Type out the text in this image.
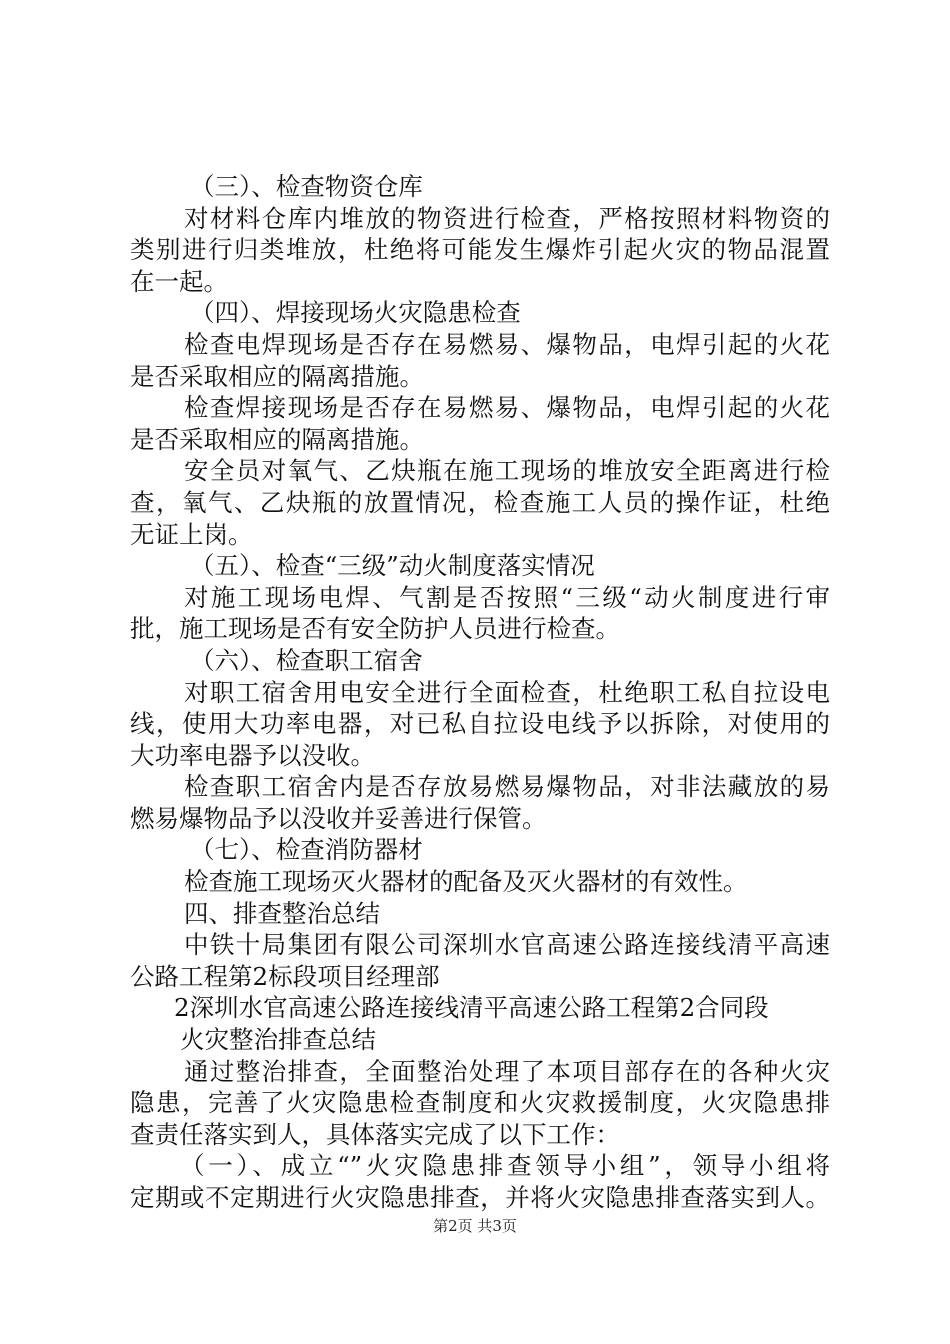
（三）、检查物资仓库
对材料仓库内堆放的物资进行检查，严格按照材料物资的
类别进行归类堆放，杜绝将可能发生爆炸引起火灾的物品混置
在一起。
（四）、焊接现场火灾隐患检查
检查电焊现场是否存在易燃易、爆物品，电焊引起的火花
是否采取相应的隔离措施。
检查焊接现场是否存在易燃易、爆物品，电焊引起的火花
是否采取相应的隔离措施。
安全员对氧气、乙炔瓶在施工现场的堆放安全距离进行检
查，氧气、乙炔瓶的放置情况，检查施工人员的操作证，杜绝
无证上岗。
（五）、检查“三级”动火制度落实情况
对施工现场电焊、气割是否按照“三级“动火制度进行审
批，施工现场是否有安全防护人员进行检查。
（六）、检查职工宿舍
对职工宿舍用电安全进行全面检查，杜绝职工私自拉设电
线，使用大功率电器，对已私自拉设电线予以拆除，对使用的
大功率电器予以没收。
检查职工宿舍内是否存放易燃易爆物品，对非法藏放的易
燃易爆物品予以没收并妥善进行保管。
（七）、检查消防器材
检查施工现场灭火器材的配备及灭火器材的有效性。
四、排查整治总结
中铁十局集团有限公司深圳水官高速公路连接线清平高速
公路工程第2标段项目经理部
2深圳水官高速公路连接线清平高速公路工程第2合同段
火灾整治排查总结
通过整治排查，全面整治处理了本项目部存在的各种火灾
隐患，完善了火灾隐患检查制度和火灾救援制度，火灾隐患排
查责任落实到人，具体落实完成了以下工作：
（一）、成立“”火灾隐患排查领导小组”，领导小组将
定期或不定期进行火灾隐患排查，并将火灾隐患排查落实到人。
第2页 共3页
